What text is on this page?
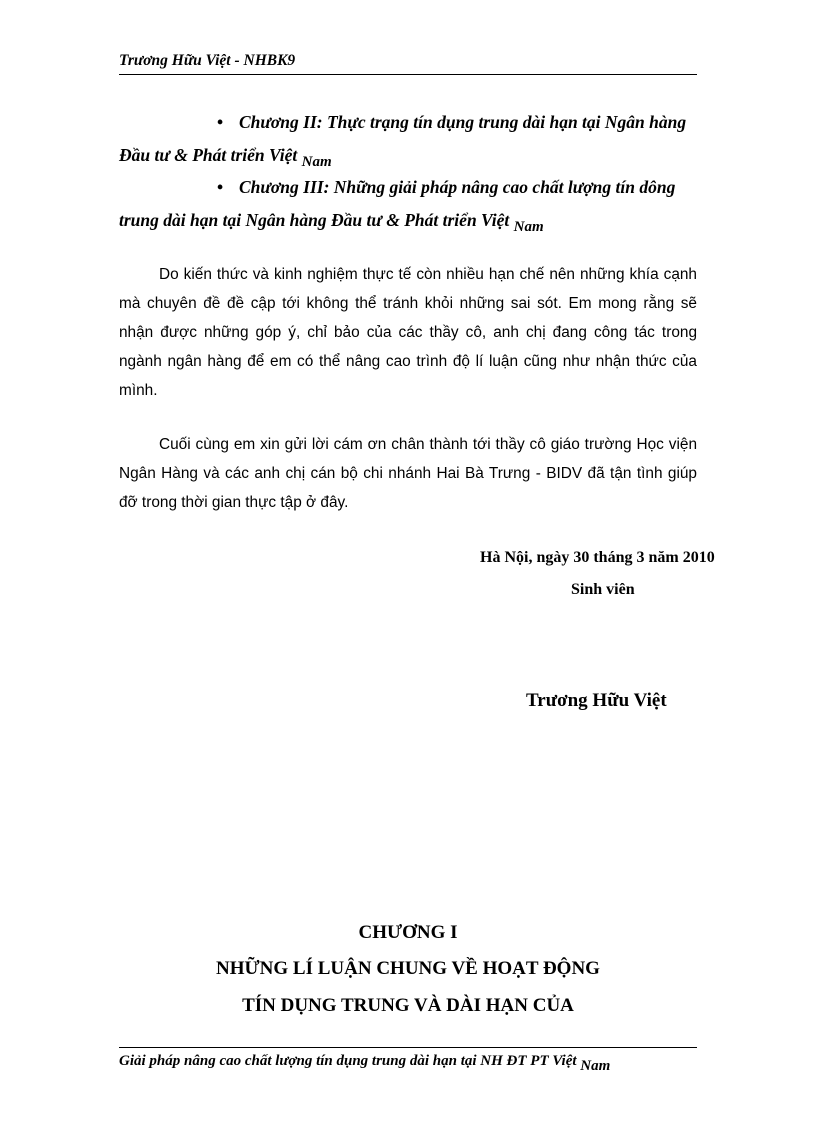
Trương Hữu Việt - NHBK9
• Chương II: Thực trạng tín dụng trung dài hạn tại Ngân hàng
Đầu tư & Phát triển Việt Nam
• Chương III: Những giải pháp nâng cao chất lượng tín dông
trung dài hạn tại Ngân hàng Đầu tư & Phát triển Việt Nam

Do kiến thức và kinh nghiệm thực tế còn nhiều hạn chế nên những khía cạnh mà chuyên đề đề cập tới không thể tránh khỏi những sai sót. Em mong rằng sẽ nhận được những góp ý, chỉ bảo của các thầy cô, anh chị đang công tác trong ngành ngân hàng để em có thể nâng cao trình độ lí luận cũng như nhận thức của mình.

Cuối cùng em xin gửi lời cám ơn chân thành tới thầy cô giáo trường Học viện Ngân Hàng và các anh chị cán bộ chi nhánh Hai Bà Trưng - BIDV đã tận tình giúp đỡ trong thời gian thực tập ở đây.

Hà Nội, ngày 30 tháng 3 năm 2010
Sinh viên
Trương Hữu Việt
CHƯƠNG I
NHỮNG LÍ LUẬN CHUNG VỀ HOẠT ĐỘNG
TÍN DỤNG TRUNG VÀ DÀI HẠN CỦA
Giải pháp nâng cao chất lượng tín dụng trung dài hạn tại NH ĐT PT Việt Nam
